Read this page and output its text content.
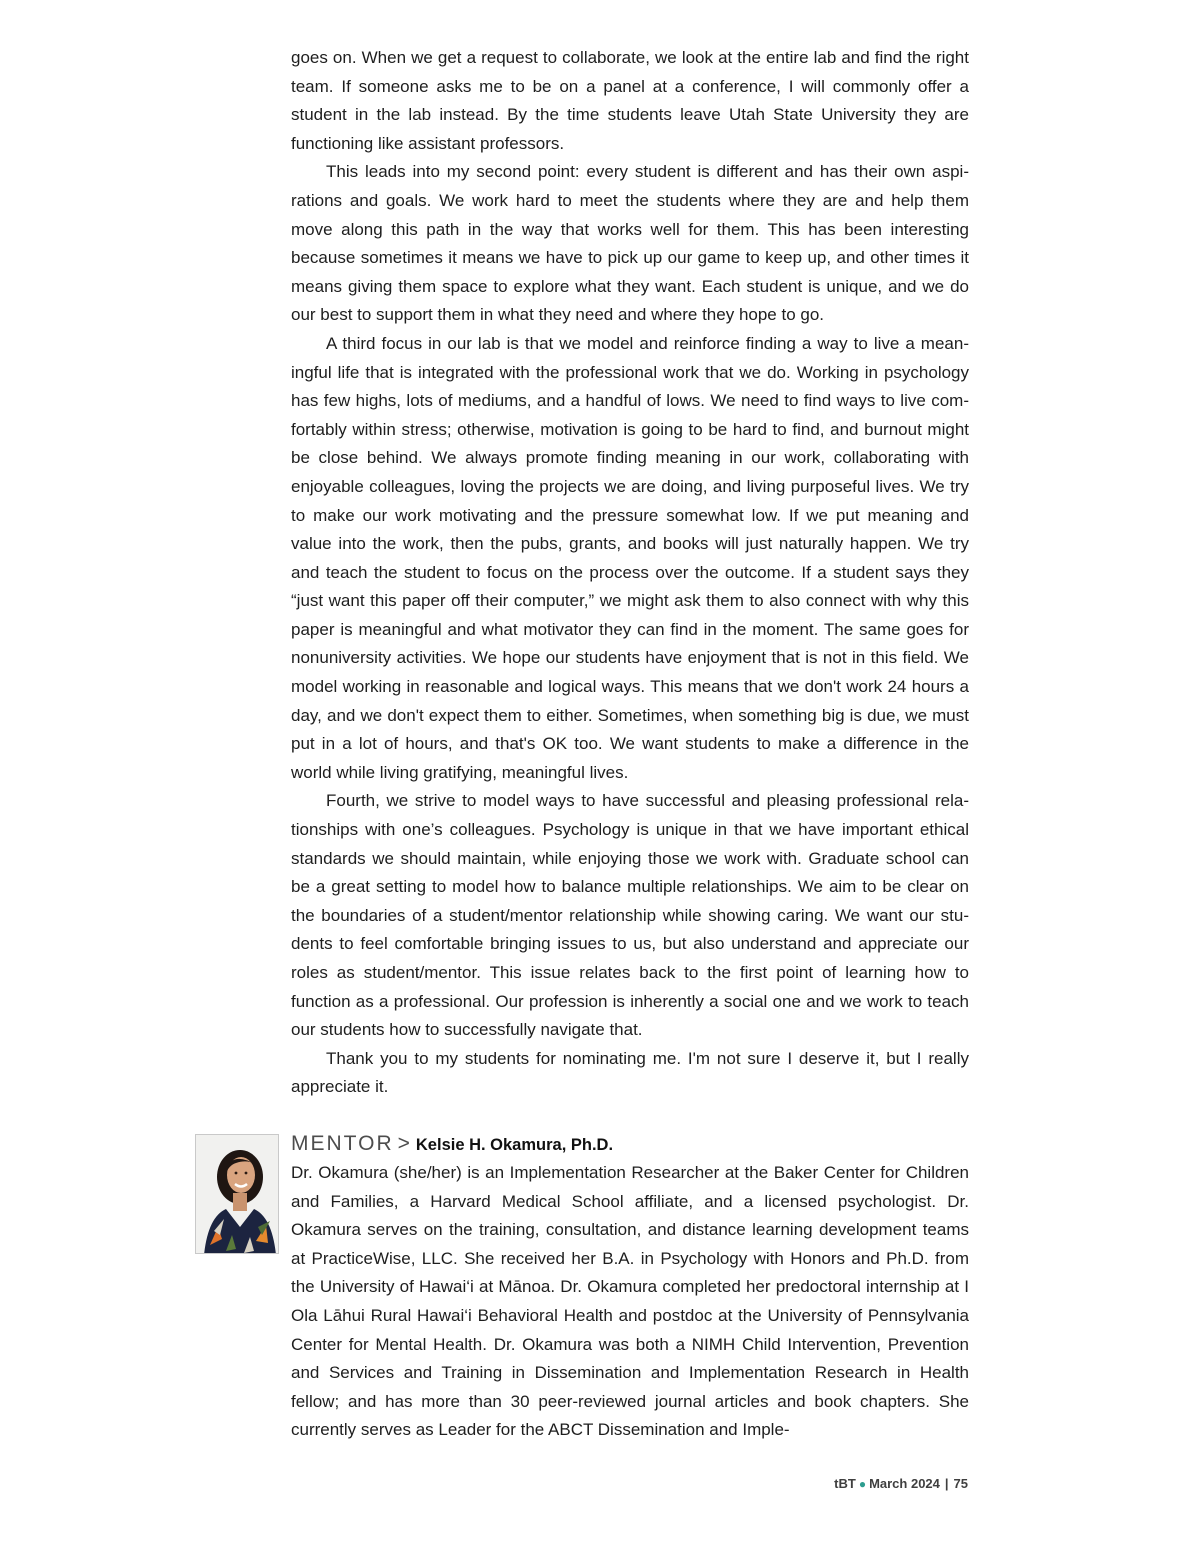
goes on. When we get a request to collaborate, we look at the entire lab and find the right team. If someone asks me to be on a panel at a conference, I will commonly offer a student in the lab instead. By the time students leave Utah State University they are functioning like assistant professors.

This leads into my second point: every student is different and has their own aspirations and goals. We work hard to meet the students where they are and help them move along this path in the way that works well for them. This has been interesting because sometimes it means we have to pick up our game to keep up, and other times it means giving them space to explore what they want. Each student is unique, and we do our best to support them in what they need and where they hope to go.

A third focus in our lab is that we model and reinforce finding a way to live a meaningful life that is integrated with the professional work that we do. Working in psychology has few highs, lots of mediums, and a handful of lows. We need to find ways to live comfortably within stress; otherwise, motivation is going to be hard to find, and burnout might be close behind. We always promote finding meaning in our work, collaborating with enjoyable colleagues, loving the projects we are doing, and living purposeful lives. We try to make our work motivating and the pressure somewhat low. If we put meaning and value into the work, then the pubs, grants, and books will just naturally happen. We try and teach the student to focus on the process over the outcome. If a student says they “just want this paper off their computer,” we might ask them to also connect with why this paper is meaningful and what motivator they can find in the moment. The same goes for nonuniversity activities. We hope our students have enjoyment that is not in this field. We model working in reasonable and logical ways. This means that we don't work 24 hours a day, and we don't expect them to either. Sometimes, when something big is due, we must put in a lot of hours, and that's OK too. We want students to make a difference in the world while living gratifying, meaningful lives.

Fourth, we strive to model ways to have successful and pleasing professional relationships with one’s colleagues. Psychology is unique in that we have important ethical standards we should maintain, while enjoying those we work with. Graduate school can be a great setting to model how to balance multiple relationships. We aim to be clear on the boundaries of a student/mentor relationship while showing caring. We want our students to feel comfortable bringing issues to us, but also understand and appreciate our roles as student/mentor. This issue relates back to the first point of learning how to function as a professional. Our profession is inherently a social one and we work to teach our students how to successfully navigate that.

Thank you to my students for nominating me. I'm not sure I deserve it, but I really appreciate it.

MENTOR > Kelsie H. Okamura, Ph.D.

Dr. Okamura (she/her) is an Implementation Researcher at the Baker Center for Children and Families, a Harvard Medical School affiliate, and a licensed psychologist. Dr. Okamura serves on the training, consultation, and distance learning development teams at PracticeWise, LLC. She received her B.A. in Psychology with Honors and Ph.D. from the University of Hawai‘i at Mānoa. Dr. Okamura completed her predoctoral internship at I Ola Lāhui Rural Hawai‘i Behavioral Health and postdoc at the University of Pennsylvania Center for Mental Health. Dr. Okamura was both a NIMH Child Intervention, Prevention and Services and Training in Dissemination and Implementation Research in Health fellow; and has more than 30 peer-reviewed journal articles and book chapters. She currently serves as Leader for the ABCT Dissemination and Imple-

tBT ● March 2024 | 75
